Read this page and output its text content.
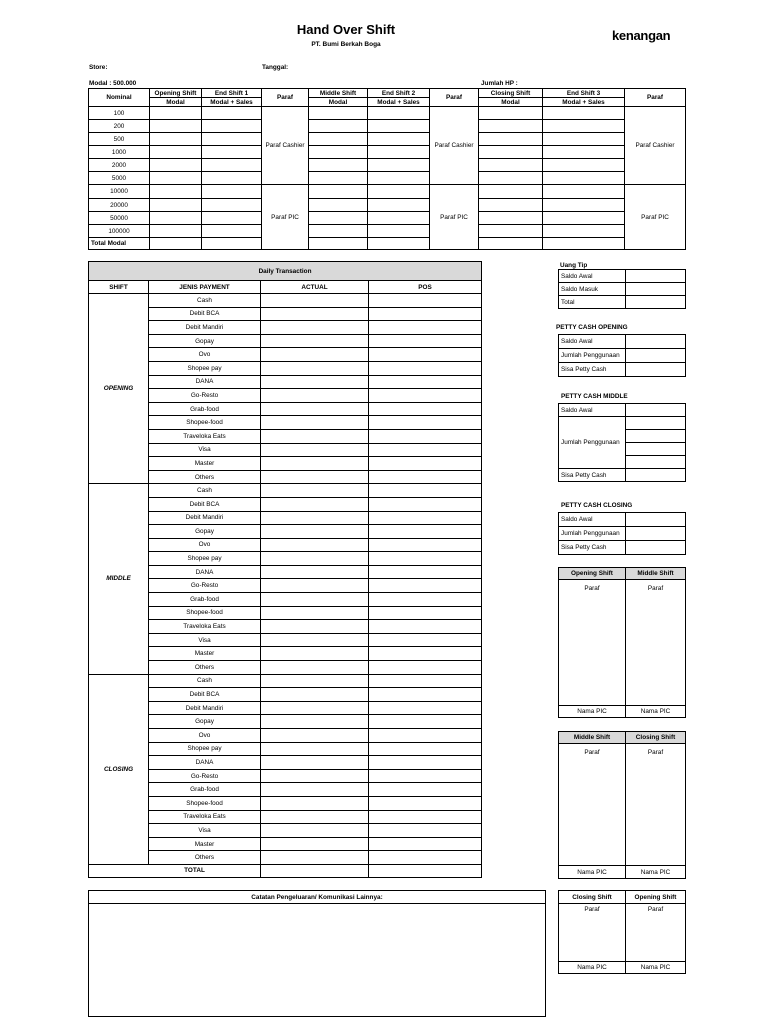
Hand Over Shift
PT. Bumi Berkah Boga
kenangan
Store:	Tanggal:
Modal : 500.000	Jumlah HP :
Nominal	Opening Shift	End Shift 1	Paraf	Middle Shift	End Shift 2	Paraf	Closing Shift	End Shift 3	Paraf
	Modal	Modal + Sales		Modal	Modal + Sales		Modal	Modal + Sales	
100			Paraf Cashier			Paraf Cashier			Paraf Cashier
200									
500									
1000									
2000									
5000									
10000			Paraf PIC			Paraf PIC			Paraf PIC
20000									
50000									
100000									
Total Modal									
Daily Transaction			
SHIFT	JENIS PAYMENT	ACTUAL	POS
OPENING	Cash		
	Debit BCA		
	Debit Mandiri		
	Gopay		
	Ovo		
	Shopee pay		
	DANA		
	Go-Resto		
	Grab-food		
	Shopee-food		
	Traveloka Eats		
	Visa		
	Master		
	Others		
MIDDLE	Cash		
	Debit BCA		
	Debit Mandiri		
	Gopay		
	Ovo		
	Shopee pay		
	DANA		
	Go-Resto		
	Grab-food		
	Shopee-food		
	Traveloka Eats		
	Visa		
	Master		
	Others		
CLOSING	Cash		
	Debit BCA		
	Debit Mandiri		
	Gopay		
	Ovo		
	Shopee pay		
	DANA		
	Go-Resto		
	Grab-food		
	Shopee-food		
	Traveloka Eats		
	Visa		
	Master		
	Others		
TOTAL			
Uang Tip
Saldo Awal	
Saldo Masuk	
Total	
PETTY CASH OPENING
Saldo Awal	
Jumlah Penggunaan	
Sisa Petty Cash	
PETTY CASH MIDDLE
Saldo Awal	
Jumlah Penggunaan	

Sisa Petty Cash	
PETTY CASH CLOSING
Saldo Awal	
Jumlah Penggunaan	
Sisa Petty Cash	
Opening Shift	Middle Shift
Paraf	Paraf
Nama PIC	Nama PIC
Middle Shift	Closing Shift
Paraf	Paraf
Nama PIC	Nama PIC
Closing Shift	Opening Shift
Paraf	Paraf
Nama PIC	Nama PIC
Catatan Pengeluaran/ Komunikasi Lainnya:
